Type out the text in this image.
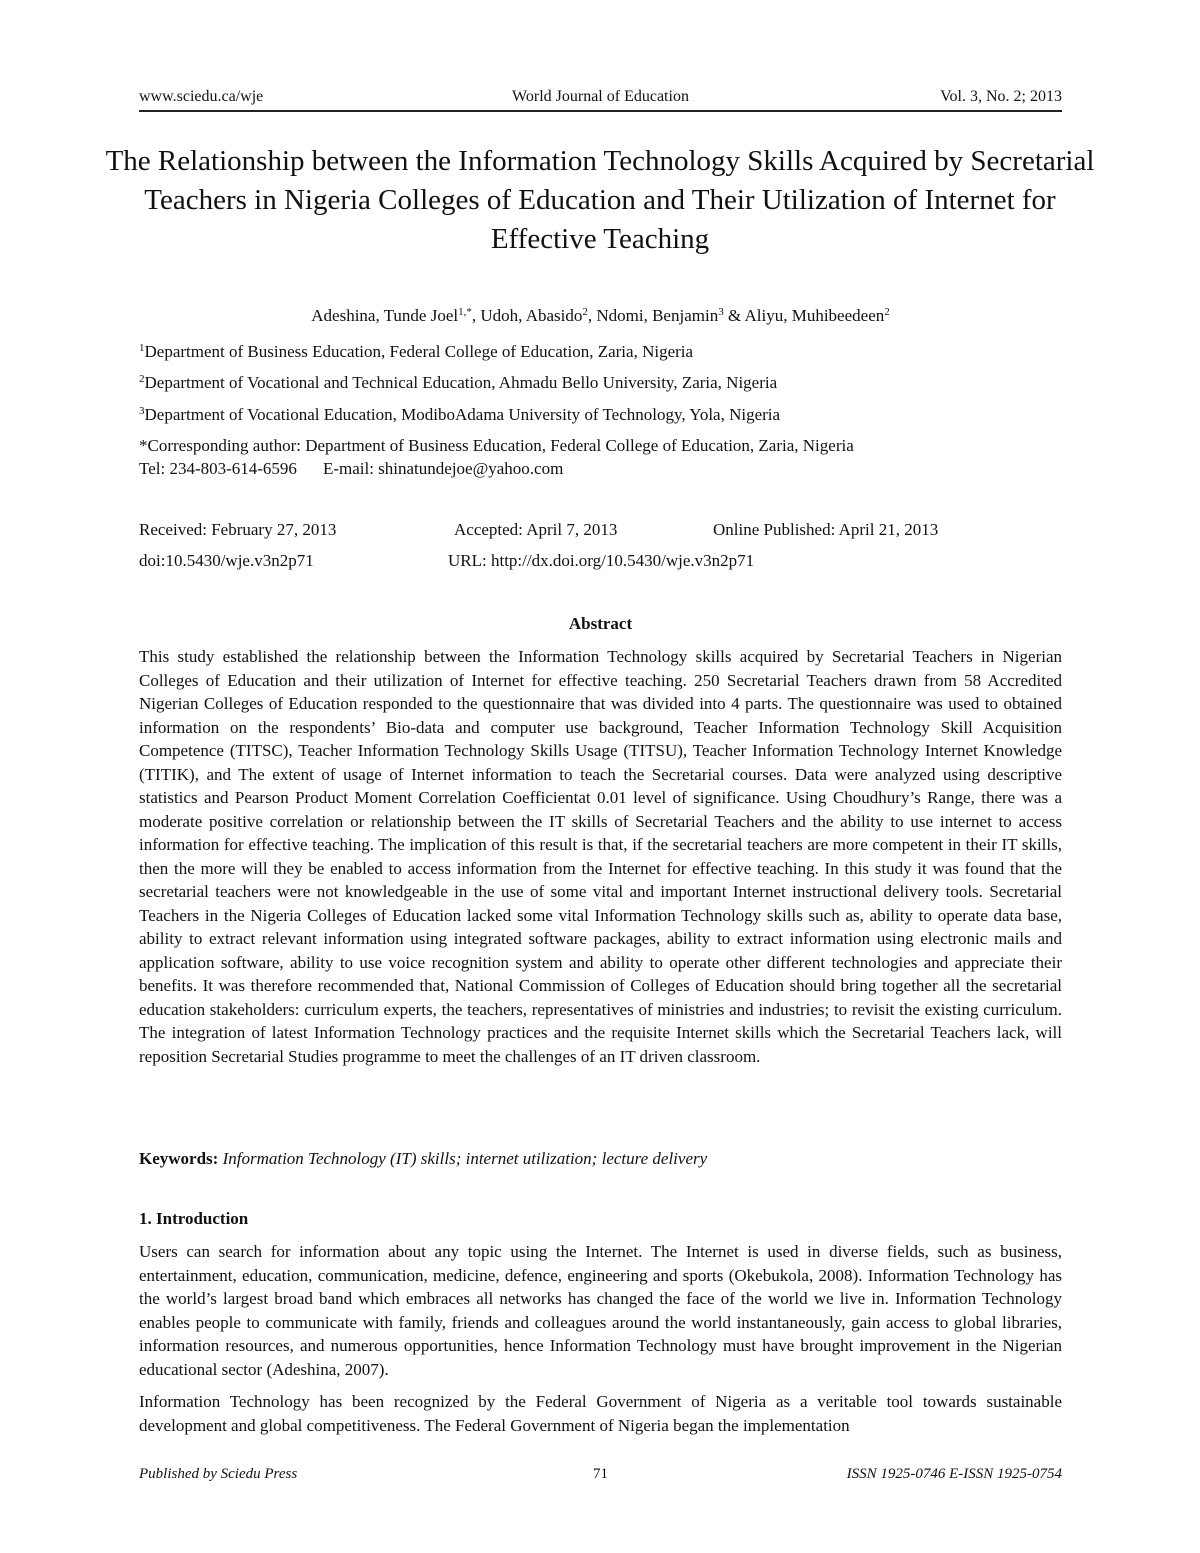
www.sciedu.ca/wje	World Journal of Education	Vol. 3, No. 2; 2013
The Relationship between the Information Technology Skills Acquired by Secretarial Teachers in Nigeria Colleges of Education and Their Utilization of Internet for Effective Teaching
Adeshina, Tunde Joel$^{1,*}$, Udoh, Abasido$^2$, Ndomi, Benjamin$^3$ & Aliyu, Muhibeedeen$^2$
$^1$Department of Business Education, Federal College of Education, Zaria, Nigeria
$^2$Department of Vocational and Technical Education, Ahmadu Bello University, Zaria, Nigeria
$^3$Department of Vocational Education, ModiboAdama University of Technology, Yola, Nigeria
*Corresponding author: Department of Business Education, Federal College of Education, Zaria, Nigeria
Tel: 234-803-614-6596 E-mail: shinatundejoe@yahoo.com
Received: February 27, 2013	Accepted: April 7, 2013	Online Published: April 21, 2013
doi:10.5430/wje.v3n2p71	URL: http://dx.doi.org/10.5430/wje.v3n2p71
Abstract

This study established the relationship between the Information Technology skills acquired by Secretarial Teachers in Nigerian Colleges of Education and their utilization of Internet for effective teaching. 250 Secretarial Teachers drawn from 58 Accredited Nigerian Colleges of Education responded to the questionnaire that was divided into 4 parts. The questionnaire was used to obtained information on the respondents’ Bio-data and computer use background, Teacher Information Technology Skill Acquisition Competence (TITSC), Teacher Information Technology Skills Usage (TITSU), Teacher Information Technology Internet Knowledge (TITIK), and The extent of usage of Internet information to teach the Secretarial courses. Data were analyzed using descriptive statistics and Pearson Product Moment Correlation Coefficientat 0.01 level of significance. Using Choudhury’s Range, there was a moderate positive correlation or relationship between the IT skills of Secretarial Teachers and the ability to use internet to access information for effective teaching. The implication of this result is that, if the secretarial teachers are more competent in their IT skills, then the more will they be enabled to access information from the Internet for effective teaching. In this study it was found that the secretarial teachers were not knowledgeable in the use of some vital and important Internet instructional delivery tools. Secretarial Teachers in the Nigeria Colleges of Education lacked some vital Information Technology skills such as, ability to operate data base, ability to extract relevant information using integrated software packages, ability to extract information using electronic mails and application software, ability to use voice recognition system and ability to operate other different technologies and appreciate their benefits. It was therefore recommended that, National Commission of Colleges of Education should bring together all the secretarial education stakeholders: curriculum experts, the teachers, representatives of ministries and industries; to revisit the existing curriculum. The integration of latest Information Technology practices and the requisite Internet skills which the Secretarial Teachers lack, will reposition Secretarial Studies programme to meet the challenges of an IT driven classroom.

Keywords: Information Technology (IT) skills; internet utilization; lecture delivery
1. Introduction

Users can search for information about any topic using the Internet. The Internet is used in diverse fields, such as business, entertainment, education, communication, medicine, defence, engineering and sports (Okebukola, 2008). Information Technology has the world’s largest broad band which embraces all networks has changed the face of the world we live in. Information Technology enables people to communicate with family, friends and colleagues around the world instantaneously, gain access to global libraries, information resources, and numerous opportunities, hence Information Technology must have brought improvement in the Nigerian educational sector (Adeshina, 2007).

Information Technology has been recognized by the Federal Government of Nigeria as a veritable tool towards sustainable development and global competitiveness. The Federal Government of Nigeria began the implementation

Published by Sciedu Press	71	ISSN 1925-0746 E-ISSN 1925-0754
